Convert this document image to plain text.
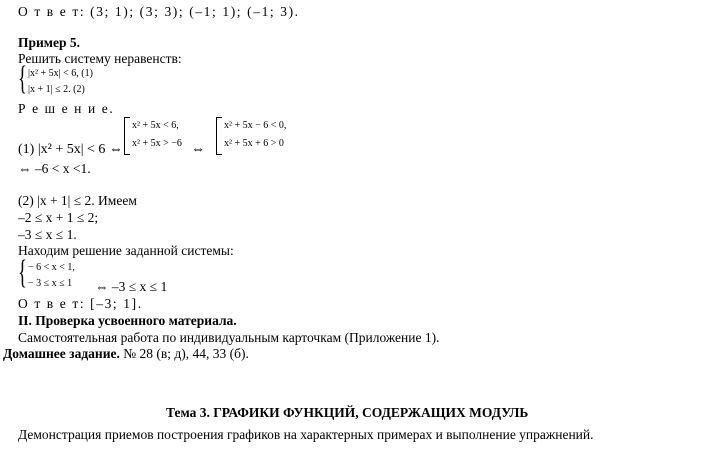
О т в е т: (3; 1); (3; 3); (–1; 1); (–1; 3).
Пример 5.
Решить систему неравенств:
{ |x² + 5x| < 6, (1)
|x + 1| ≤ 2. (2)
Р е ш е н и е.
(1) |x² + 5x| < 6 ⇔
x² + 5x < 6,
x² + 5x > −6 ⇔
x² + 5x − 6 < 0,
x² + 5x + 6 > 0
⇔ –6 < x <1.
(2) |x + 1| ≤ 2. Имеем
–2 ≤ x + 1 ≤ 2;
–3 ≤ x ≤ 1.
Находим решение заданной системы:
{ − 6 < x < 1,
− 3 ≤ x ≤ 1 ⇔ –3 ≤ x ≤ 1
О т в е т: [–3; 1].
II. Проверка усвоенного материала.
Самостоятельная работа по индивидуальным карточкам (Приложение 1).
Домашнее задание. № 28 (в; д), 44, 33 (б).
Тема 3. ГРАФИКИ ФУНКЦИЙ, СОДЕРЖАЩИХ МОДУЛЬ
Демонстрация приемов построения графиков на характерных примерах и выполнение упражнений.
